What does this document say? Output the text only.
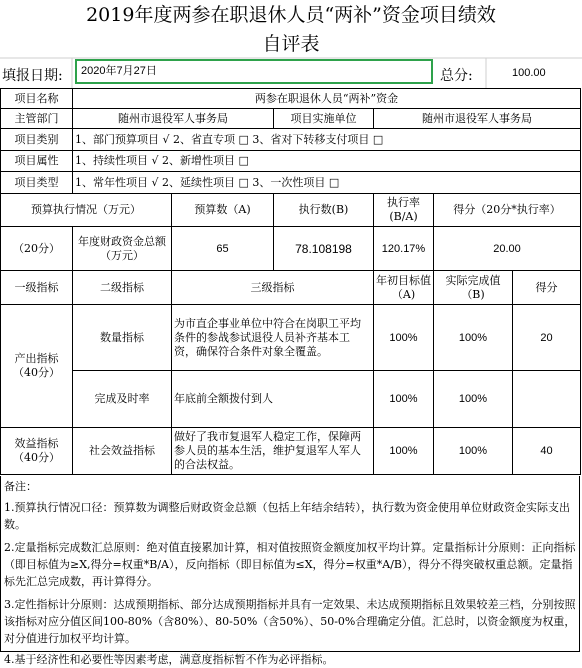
2019年度两参在职退休人员“两补”资金项目绩效
自评表
填报日期:	2020年7月27日	总分:	100.00
项目名称	两参在职退休人员“两补”资金					
主管部门	随州市退役军人事务局		项目实施单位	随州市退役军人事务局		
项目类别	1、部门预算项目 √ 2、省直专项 □ 3、省对下转移支付项目 □					
项目属性	1、持续性项目 √ 2、新增性项目 □					
项目类型	1、常年性项目 √ 2、延续性项目 □ 3、一次性项目 □					
预算执行情况（万元）		预算数（A)	执行数(B)	执行率(B/A)	得分（20分*执行率）	
（20分）	年度财政资金总额（万元）	65	78.108198	120.17%	20.00	
一级指标	二级指标	三级指标		年初目标值（A)	实际完成值（B)	得分
产出指标（40分）	数量指标	为市直企事业单位中符合在岗职工平均条件的参战参试退役人员补齐基本工资，确保符合条件对象全覆盖。		100%	100%	20
	完成及时率	年底前全额拨付到人		100%	100%	
效益指标（40分）	社会效益指标	做好了我市复退军人稳定工作，保障两参人员的基本生活，维护复退军人军人的合法权益。		100%	100%	40
备注：
1.预算执行情况口径：预算数为调整后财政资金总额（包括上年结余结转），执行数为资金使用单位财政资金实际支出数。
2.定量指标完成数汇总原则：绝对值直接累加计算，相对值按照资金额度加权平均计算。定量指标计分原则：正向指标（即目标值为≥X,得分=权重*B/A），反向指标（即目标值为≤X，得分=权重*A/B），得分不得突破权重总额。定量指标先汇总完成数，再计算得分。
3.定性指标计分原则：达成预期指标、部分达成预期指标并具有一定效果、未达成预期指标且效果较差三档，分别按照该指标对应分值区间100-80%（含80%）、80-50%（含50%）、50-0%合理确定分值。汇总时，以资金额度为权重，对分值进行加权平均计算。
4.基于经济性和必要性等因素考虑，满意度指标暂不作为必评指标。
